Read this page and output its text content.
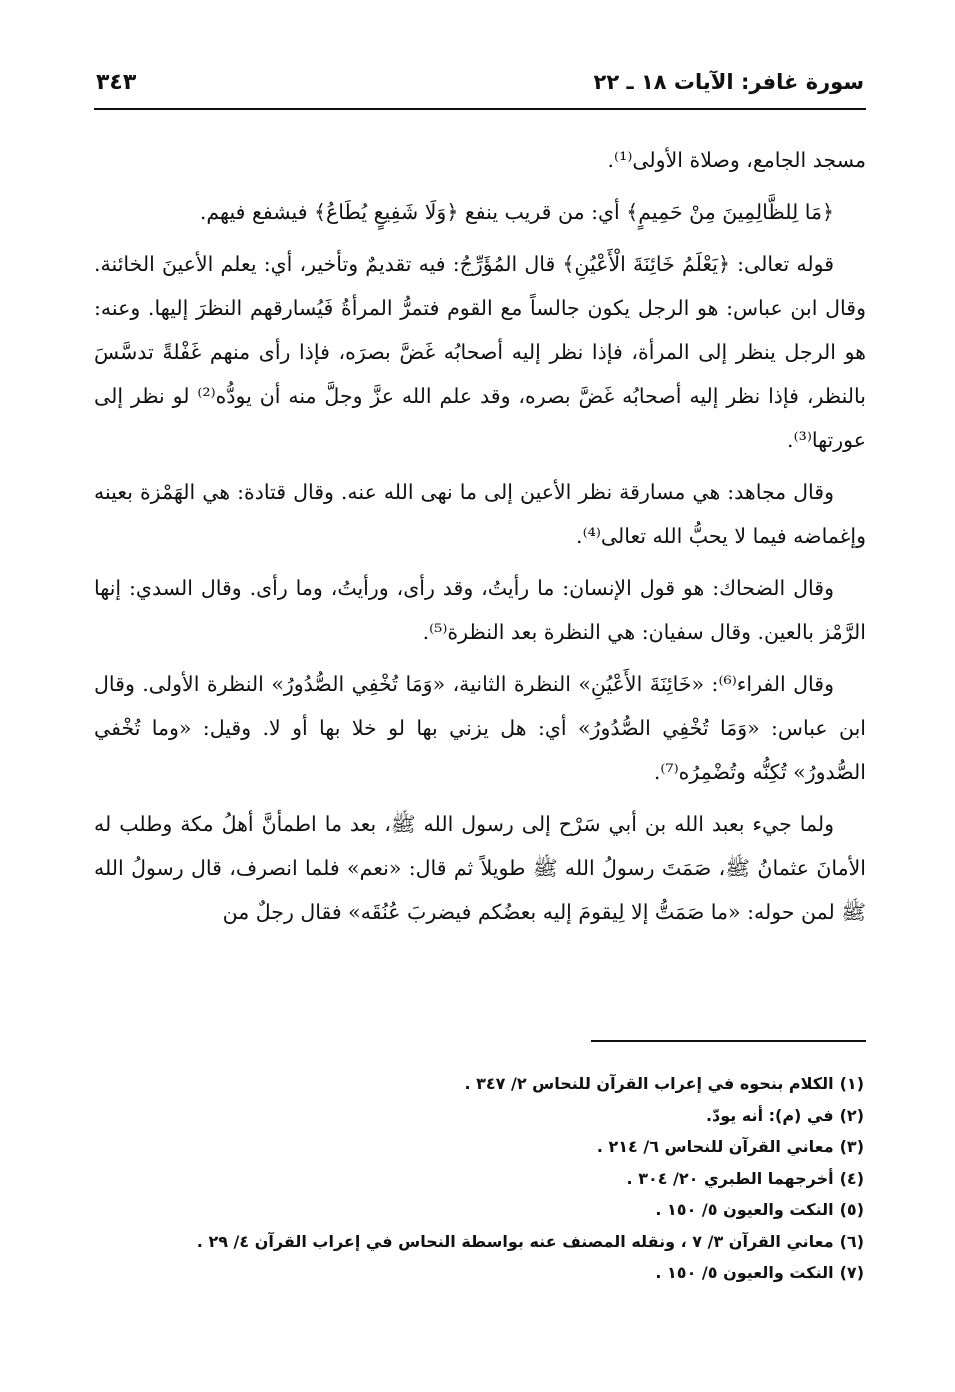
سورة غافر: الآيات ١٨ ـ ٢٢
٣٤٣

مسجد الجامع، وصلاة الأولى⁽¹⁾.

﴿مَا لِلظَّالِمِينَ مِنْ حَمِيمٍ﴾ أي: من قريب ينفع ﴿وَلَا شَفِيعٍ يُطَاعُ﴾ فيشفع فيهم.

قوله تعالى: ﴿يَعْلَمُ خَائِنَةَ الْأَعْيُنِ﴾ قال المُؤَرِّجُ: فيه تقديمٌ وتأخير، أي: يعلم الأعينَ الخائنة. وقال ابن عباس: هو الرجل يكون جالساً مع القوم فتمرُّ المرأةُ فَيُسارقهم النظرَ إليها. وعنه: هو الرجل ينظر إلى المرأة، فإذا نظر إليه أصحابُه غَضَّ بصرَه، فإذا رأى منهم غَفْلةً تدسَّسَ بالنظر، فإذا نظر إليه أصحابُه غَضَّ بصره، وقد علم الله عزَّ وجلَّ منه أن يودُّه⁽²⁾ لو نظر إلى عورتها⁽³⁾.

وقال مجاهد: هي مسارقة نظر الأعين إلى ما نهى الله عنه. وقال قتادة: هي الهَمْزة بعينه وإغماضه فيما لا يحبُّ الله تعالى⁽⁴⁾.

وقال الضحاك: هو قول الإنسان: ما رأيتُ، وقد رأى، ورأيتُ، وما رأى. وقال السدي: إنها الرَّمْز بالعين. وقال سفيان: هي النظرة بعد النظرة⁽⁵⁾.

وقال الفراء⁽⁶⁾: «خَائِنَةَ الأَعْيُنِ» النظرة الثانية، «وَمَا تُخْفِي الصُّدُورُ» النظرة الأولى. وقال ابن عباس: «وَمَا تُخْفِي الصُّدُورُ» أي: هل يزني بها لو خلا بها أو لا. وقيل: «وما تُخْفي الصُّدورُ» تُكِنُّه وتُضْمِرُه⁽⁷⁾.

ولما جيء بعبد الله بن أبي سَرْح إلى رسول الله ﷺ، بعد ما اطمأنَّ أهلُ مكة وطلب له الأمانَ عثمانُ ﷺ، صَمَتَ رسولُ الله ﷺ طويلاً ثم قال: «نعم» فلما انصرف، قال رسولُ الله ﷺ لمن حوله: «ما صَمَتُّ إلا لِيقومَ إليه بعضُكم فيضربَ عُنُقَه» فقال رجلٌ من

(١)الكلام بنحوه في إعراب القرآن للنحاس ٢/ ٣٤٧ .
(٢)في (م): أنه يودّ.
(٣)معاني القرآن للنحاس ٦/ ٢١٤ .
(٤)أخرجهما الطبري ٢٠/ ٣٠٤ .
(٥)النكت والعيون ٥/ ١٥٠ .
(٦)معاني القرآن ٣/ ٧ ، ونقله المصنف عنه بواسطة النحاس في إعراب القرآن ٤/ ٢٩ .
(٧)النكت والعيون ٥/ ١٥٠ .
